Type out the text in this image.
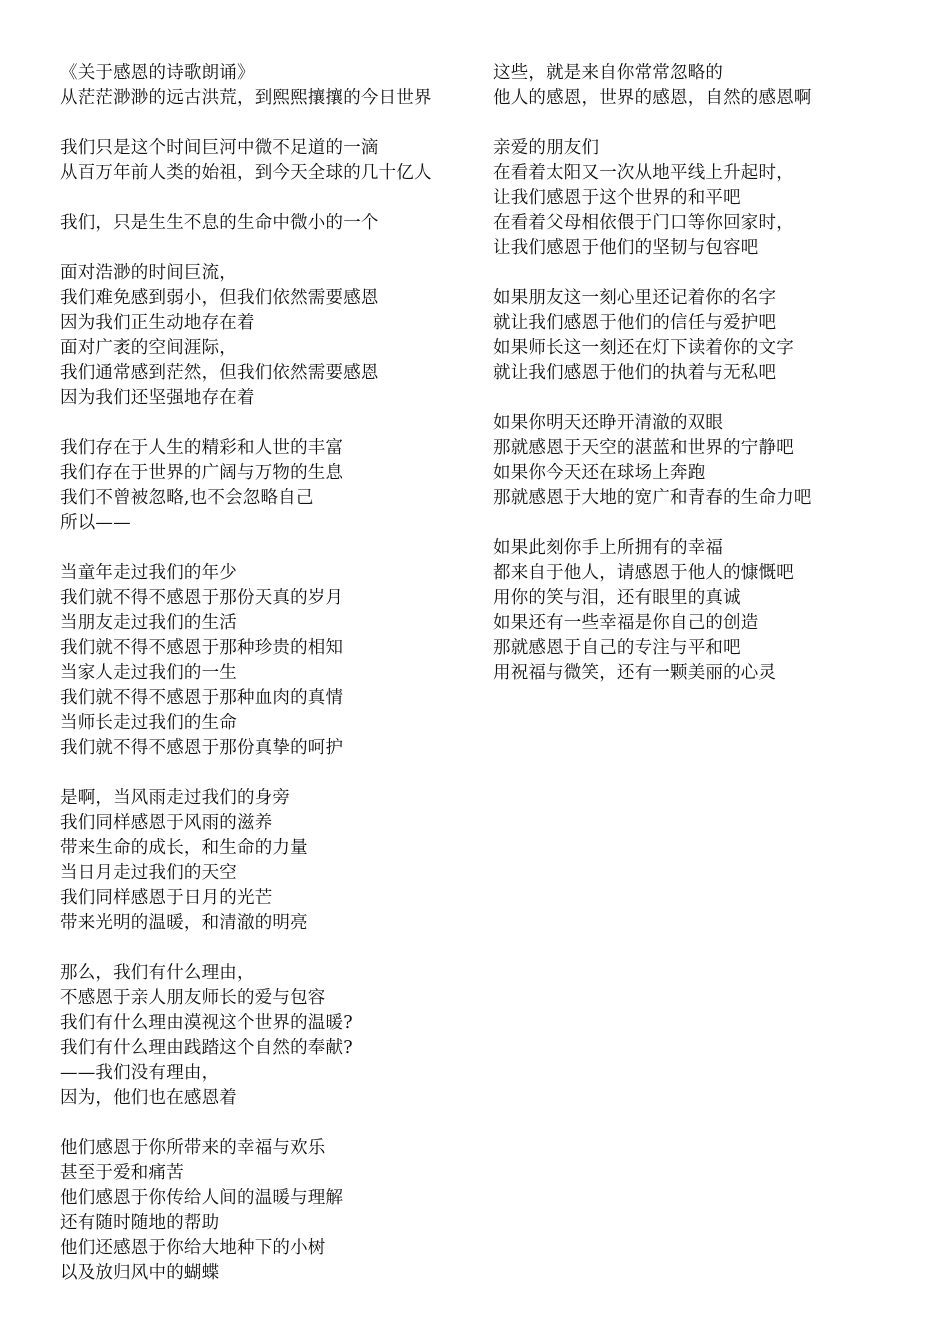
《关于感恩的诗歌朗诵》
从茫茫渺渺的远古洪荒，到熙熙攘攘的今日世界
我们只是这个时间巨河中微不足道的一滴
从百万年前人类的始祖，到今天全球的几十亿人
我们，只是生生不息的生命中微小的一个
面对浩渺的时间巨流，
我们难免感到弱小，但我们依然需要感恩
因为我们正生动地存在着
面对广袤的空间涯际，
我们通常感到茫然，但我们依然需要感恩
因为我们还坚强地存在着
我们存在于人生的精彩和人世的丰富
我们存在于世界的广阔与万物的生息
我们不曾被忽略,也不会忽略自己
所以——
当童年走过我们的年少
我们就不得不感恩于那份天真的岁月
当朋友走过我们的生活
我们就不得不感恩于那种珍贵的相知
当家人走过我们的一生
我们就不得不感恩于那种血肉的真情
当师长走过我们的生命
我们就不得不感恩于那份真挚的呵护
是啊，当风雨走过我们的身旁
我们同样感恩于风雨的滋养
带来生命的成长，和生命的力量
当日月走过我们的天空
我们同样感恩于日月的光芒
带来光明的温暖，和清澈的明亮
那么，我们有什么理由，
不感恩于亲人朋友师长的爱与包容
我们有什么理由漠视这个世界的温暖?
我们有什么理由践踏这个自然的奉献?
——我们没有理由，
因为，他们也在感恩着
他们感恩于你所带来的幸福与欢乐
甚至于爱和痛苦
他们感恩于你传给人间的温暖与理解
还有随时随地的帮助
他们还感恩于你给大地种下的小树
以及放归风中的蝴蝶
这些，就是来自你常常忽略的
他人的感恩，世界的感恩，自然的感恩啊
亲爱的朋友们
在看着太阳又一次从地平线上升起时，
让我们感恩于这个世界的和平吧
在看着父母相依偎于门口等你回家时，
让我们感恩于他们的坚韧与包容吧
如果朋友这一刻心里还记着你的名字
就让我们感恩于他们的信任与爱护吧
如果师长这一刻还在灯下读着你的文字
就让我们感恩于他们的执着与无私吧
如果你明天还睁开清澈的双眼
那就感恩于天空的湛蓝和世界的宁静吧
如果你今天还在球场上奔跑
那就感恩于大地的宽广和青春的生命力吧
如果此刻你手上所拥有的幸福
都来自于他人，请感恩于他人的慷慨吧
用你的笑与泪，还有眼里的真诚
如果还有一些幸福是你自己的创造
那就感恩于自己的专注与平和吧
用祝福与微笑，还有一颗美丽的心灵
